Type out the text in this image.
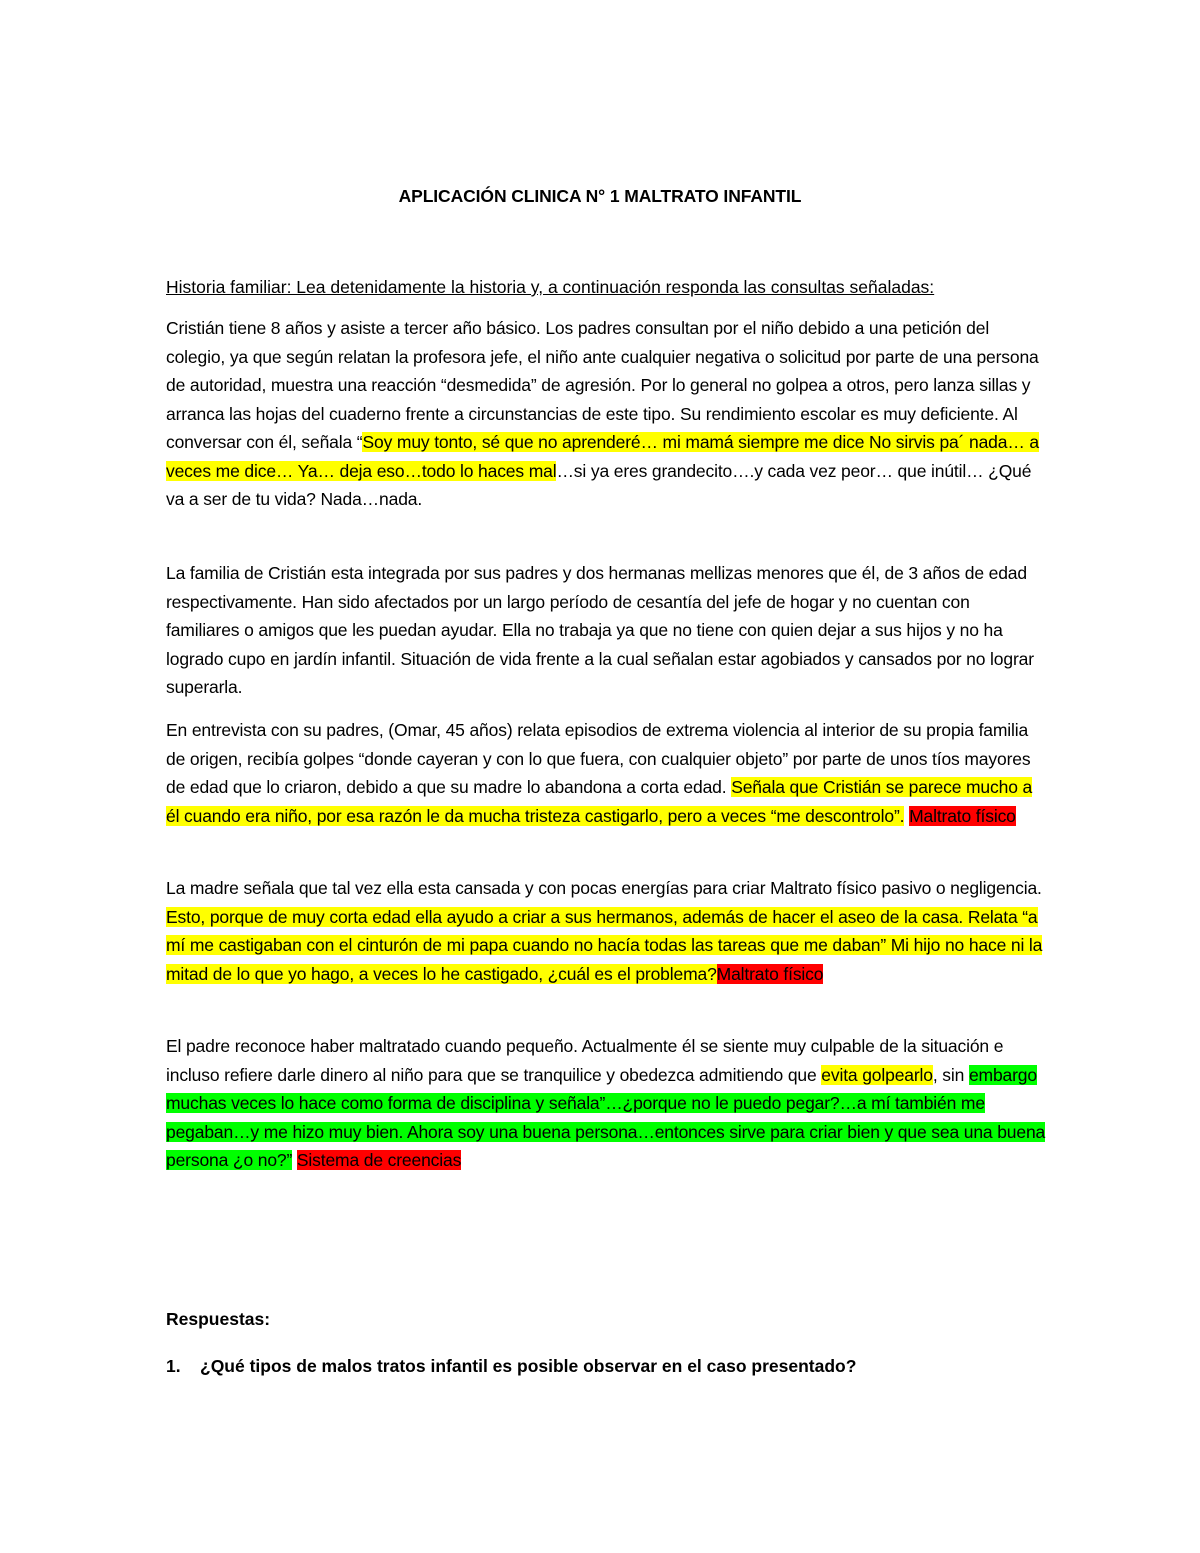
APLICACIÓN CLINICA N° 1 MALTRATO INFANTIL
Historia familiar: Lea detenidamente la historia y, a continuación responda las consultas señaladas:
Cristián tiene 8 años y asiste a tercer año básico. Los padres consultan por el niño debido a una petición del colegio, ya que según relatan la profesora jefe, el niño ante cualquier negativa o solicitud por parte de una persona de autoridad, muestra una reacción “desmedida” de agresión. Por lo general no golpea a otros, pero lanza sillas y arranca las hojas del cuaderno frente a circunstancias de este tipo. Su rendimiento escolar es muy deficiente. Al conversar con él, señala “Soy muy tonto, sé que no aprenderé… mi mamá siempre me dice No sirvis pa´ nada… a veces me dice… Ya… deja eso…todo lo haces mal…si ya eres grandecito….y cada vez peor… que inútil… ¿Qué va a ser de tu vida? Nada…nada.
La familia de Cristián esta integrada por sus padres y dos hermanas mellizas menores que él, de 3 años de edad respectivamente. Han sido afectados por un largo período de cesantía del jefe de hogar y no cuentan con familiares o amigos que les puedan ayudar. Ella no trabaja ya que no tiene con quien dejar a sus hijos y no ha logrado cupo en jardín infantil. Situación de vida frente a la cual señalan estar agobiados y cansados por no lograr superarla.
En entrevista con su padres, (Omar, 45 años) relata episodios de extrema violencia al interior de su propia familia de origen, recibía golpes “donde cayeran y con lo que fuera, con cualquier objeto” por parte de unos tíos mayores de edad que lo criaron, debido a que su madre lo abandona a corta edad. Señala que Cristián se parece mucho a él cuando era niño, por esa razón le da mucha tristeza castigarlo, pero a veces “me descontrolo”. Maltrato físico
La madre señala que tal vez ella esta cansada y con pocas energías para criar Maltrato físico pasivo o negligencia. Esto, porque de muy corta edad ella ayudo a criar a sus hermanos, además de hacer el aseo de la casa. Relata “a mí me castigaban con el cinturón de mi papa cuando no hacía todas las tareas que me daban” Mi hijo no hace ni la mitad de lo que yo hago, a veces lo he castigado, ¿cuál es el problema?Maltrato físico
El padre reconoce haber maltratado cuando pequeño. Actualmente él se siente muy culpable de la situación e incluso refiere darle dinero al niño para que se tranquilice y obedezca admitiendo que evita golpearlo, sin embargo muchas veces lo hace como forma de disciplina y señala”…¿porque no le puedo pegar?…a mí también me pegaban…y me hizo muy bien. Ahora soy una buena persona…entonces sirve para criar bien y que sea una buena persona ¿o no?” Sistema de creencias
Respuestas:
1. ¿Qué tipos de malos tratos infantil es posible observar en el caso presentado?
